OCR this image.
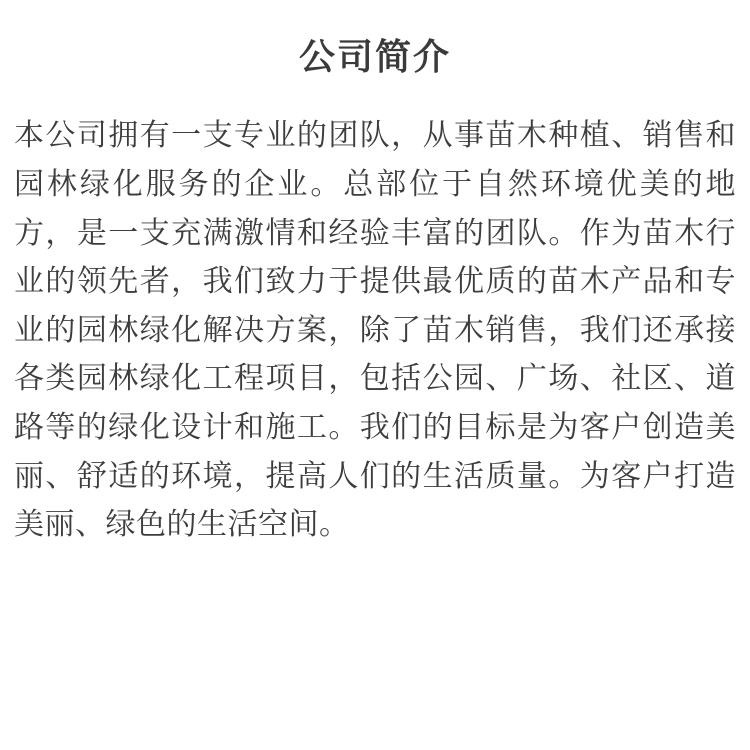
公司简介

本公司拥有一支专业的团队，从事苗木种植、销售和园林绿化服务的企业。总部位于自然环境优美的地方，是一支充满激情和经验丰富的团队。作为苗木行业的领先者，我们致力于提供最优质的苗木产品和专业的园林绿化解决方案，除了苗木销售，我们还承接各类园林绿化工程项目，包括公园、广场、社区、道路等的绿化设计和施工。我们的目标是为客户创造美丽、舒适的环境，提高人们的生活质量。为客户打造美丽、绿色的生活空间。
